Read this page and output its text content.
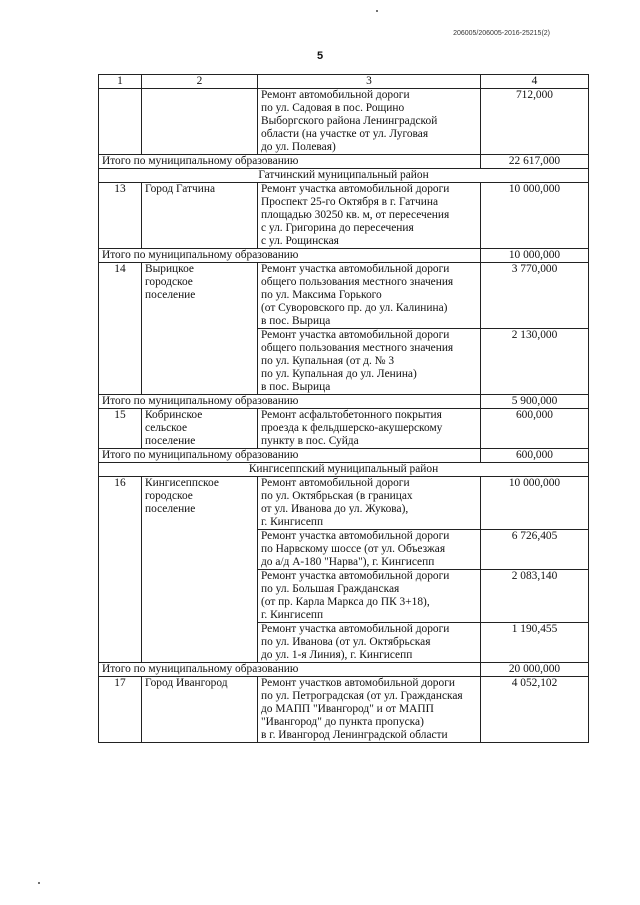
206005/206005-2016-25215(2)
5
1	2	3	4
		Ремонт автомобильной дороги
по ул. Садовая в пос. Рощино
Выборгского района Ленинградской
области (на участке от ул. Луговая
до ул. Полевая)	712,000
Итого по муниципальному образованию			22 617,000
Гатчинский муниципальный район			
13	Город Гатчина	Ремонт участка автомобильной дороги
Проспект 25-го Октября в г. Гатчина
площадью 30250 кв. м, от пересечения
с ул. Григорина до пересечения
с ул. Рощинская	10 000,000
Итого по муниципальному образованию			10 000,000
14	Вырицкое
городское
поселение	Ремонт участка автомобильной дороги
общего пользования местного значения
по ул. Максима Горького
(от Суворовского пр. до ул. Калинина)
в пос. Вырица	3 770,000
		Ремонт участка автомобильной дороги
общего пользования местного значения
по ул. Купальная (от д. № 3
по ул. Купальная до ул. Ленина)
в пос. Вырица	2 130,000
Итого по муниципальному образованию			5 900,000
15	Кобринское
сельское
поселение	Ремонт асфальтобетонного покрытия
проезда к фельдшерско-акушерскому
пункту в пос. Суйда	600,000
Итого по муниципальному образованию			600,000
Кингисеппский муниципальный район			
16	Кингисеппское
городское
поселение	Ремонт автомобильной дороги
по ул. Октябрьская (в границах
от ул. Иванова до ул. Жукова),
г. Кингисепп	10 000,000
		Ремонт участка автомобильной дороги
по Нарвскому шоссе (от ул. Объезжая
до а/д А-180 "Нарва"), г. Кингисепп	6 726,405
		Ремонт участка автомобильной дороги
по ул. Большая Гражданская
(от пр. Карла Маркса до ПК 3+18),
г. Кингисепп	2 083,140
		Ремонт участка автомобильной дороги
по ул. Иванова (от ул. Октябрьская
до ул. 1-я Линия), г. Кингисепп	1 190,455
Итого по муниципальному образованию			20 000,000
17	Город Ивангород	Ремонт участков автомобильной дороги
по ул. Петроградская (от ул. Гражданская
до МАПП "Ивангород" и от МАПП
"Ивангород" до пункта пропуска)
в г. Ивангород Ленинградской области	4 052,102
